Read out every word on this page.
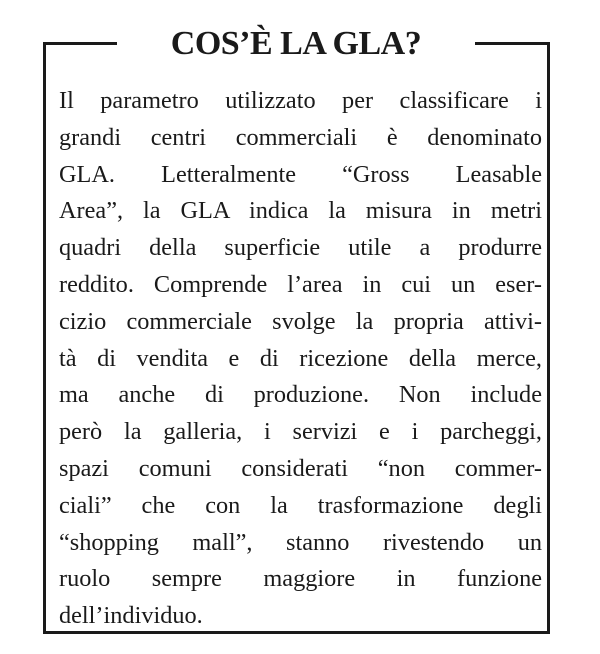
COS’È LA GLA?

Il parametro utilizzato per classificare i
grandi centri commerciali è denominato
GLA. Letteralmente “Gross Leasable
Area”, la GLA indica la misura in metri
quadri della superficie utile a produrre
reddito. Comprende l’area in cui un eser-
cizio commerciale svolge la propria attivi-
tà di vendita e di ricezione della merce,
ma anche di produzione. Non include
però la galleria, i servizi e i parcheggi,
spazi comuni considerati “non commer-
ciali” che con la trasformazione degli
“shopping mall”, stanno rivestendo un
ruolo sempre maggiore in funzione
dell’individuo.
